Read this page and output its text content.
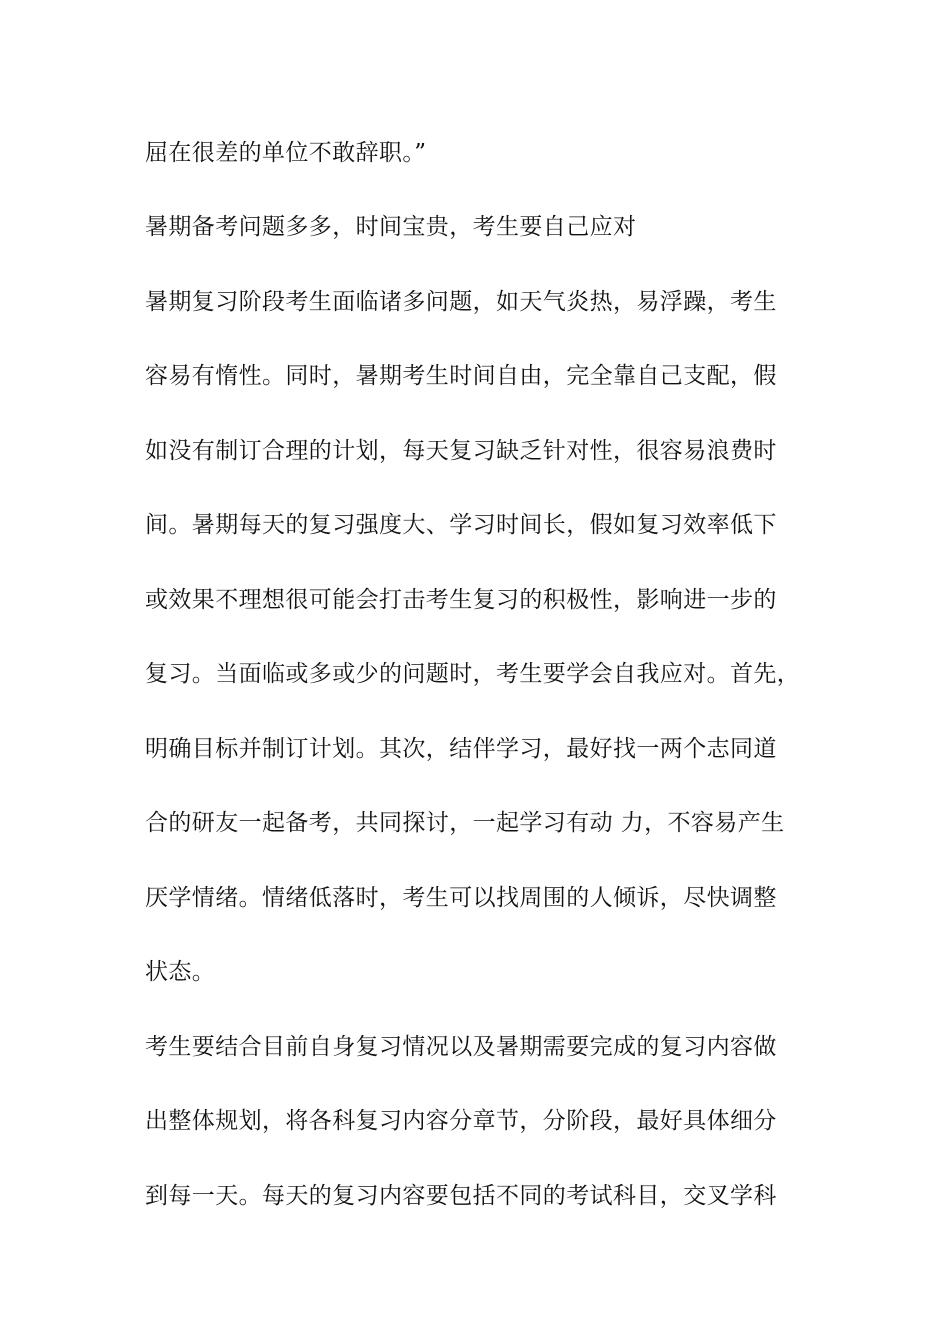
屈在很差的单位不敢辞职。”
暑期备考问题多多，时间宝贵，考生要自己应对
暑期复习阶段考生面临诸多问题，如天气炎热，易浮躁，考生
容易有惰性。同时，暑期考生时间自由，完全靠自己支配，假
如没有制订合理的计划，每天复习缺乏针对性，很容易浪费时
间。暑期每天的复习强度大、学习时间长，假如复习效率低下
或效果不理想很可能会打击考生复习的积极性，影响进一步的
复习。当面临或多或少的问题时，考生要学会自我应对。首先，
明确目标并制订计划。其次，结伴学习，最好找一两个志同道
合的研友一起备考，共同探讨，一起学习有动 力，不容易产生
厌学情绪。情绪低落时，考生可以找周围的人倾诉，尽快调整
状态。
考生要结合目前自身复习情况以及暑期需要完成的复习内容做
出整体规划，将各科复习内容分章节，分阶段，最好具体细分
到每一天。每天的复习内容要包括不同的考试科目，交叉学科
